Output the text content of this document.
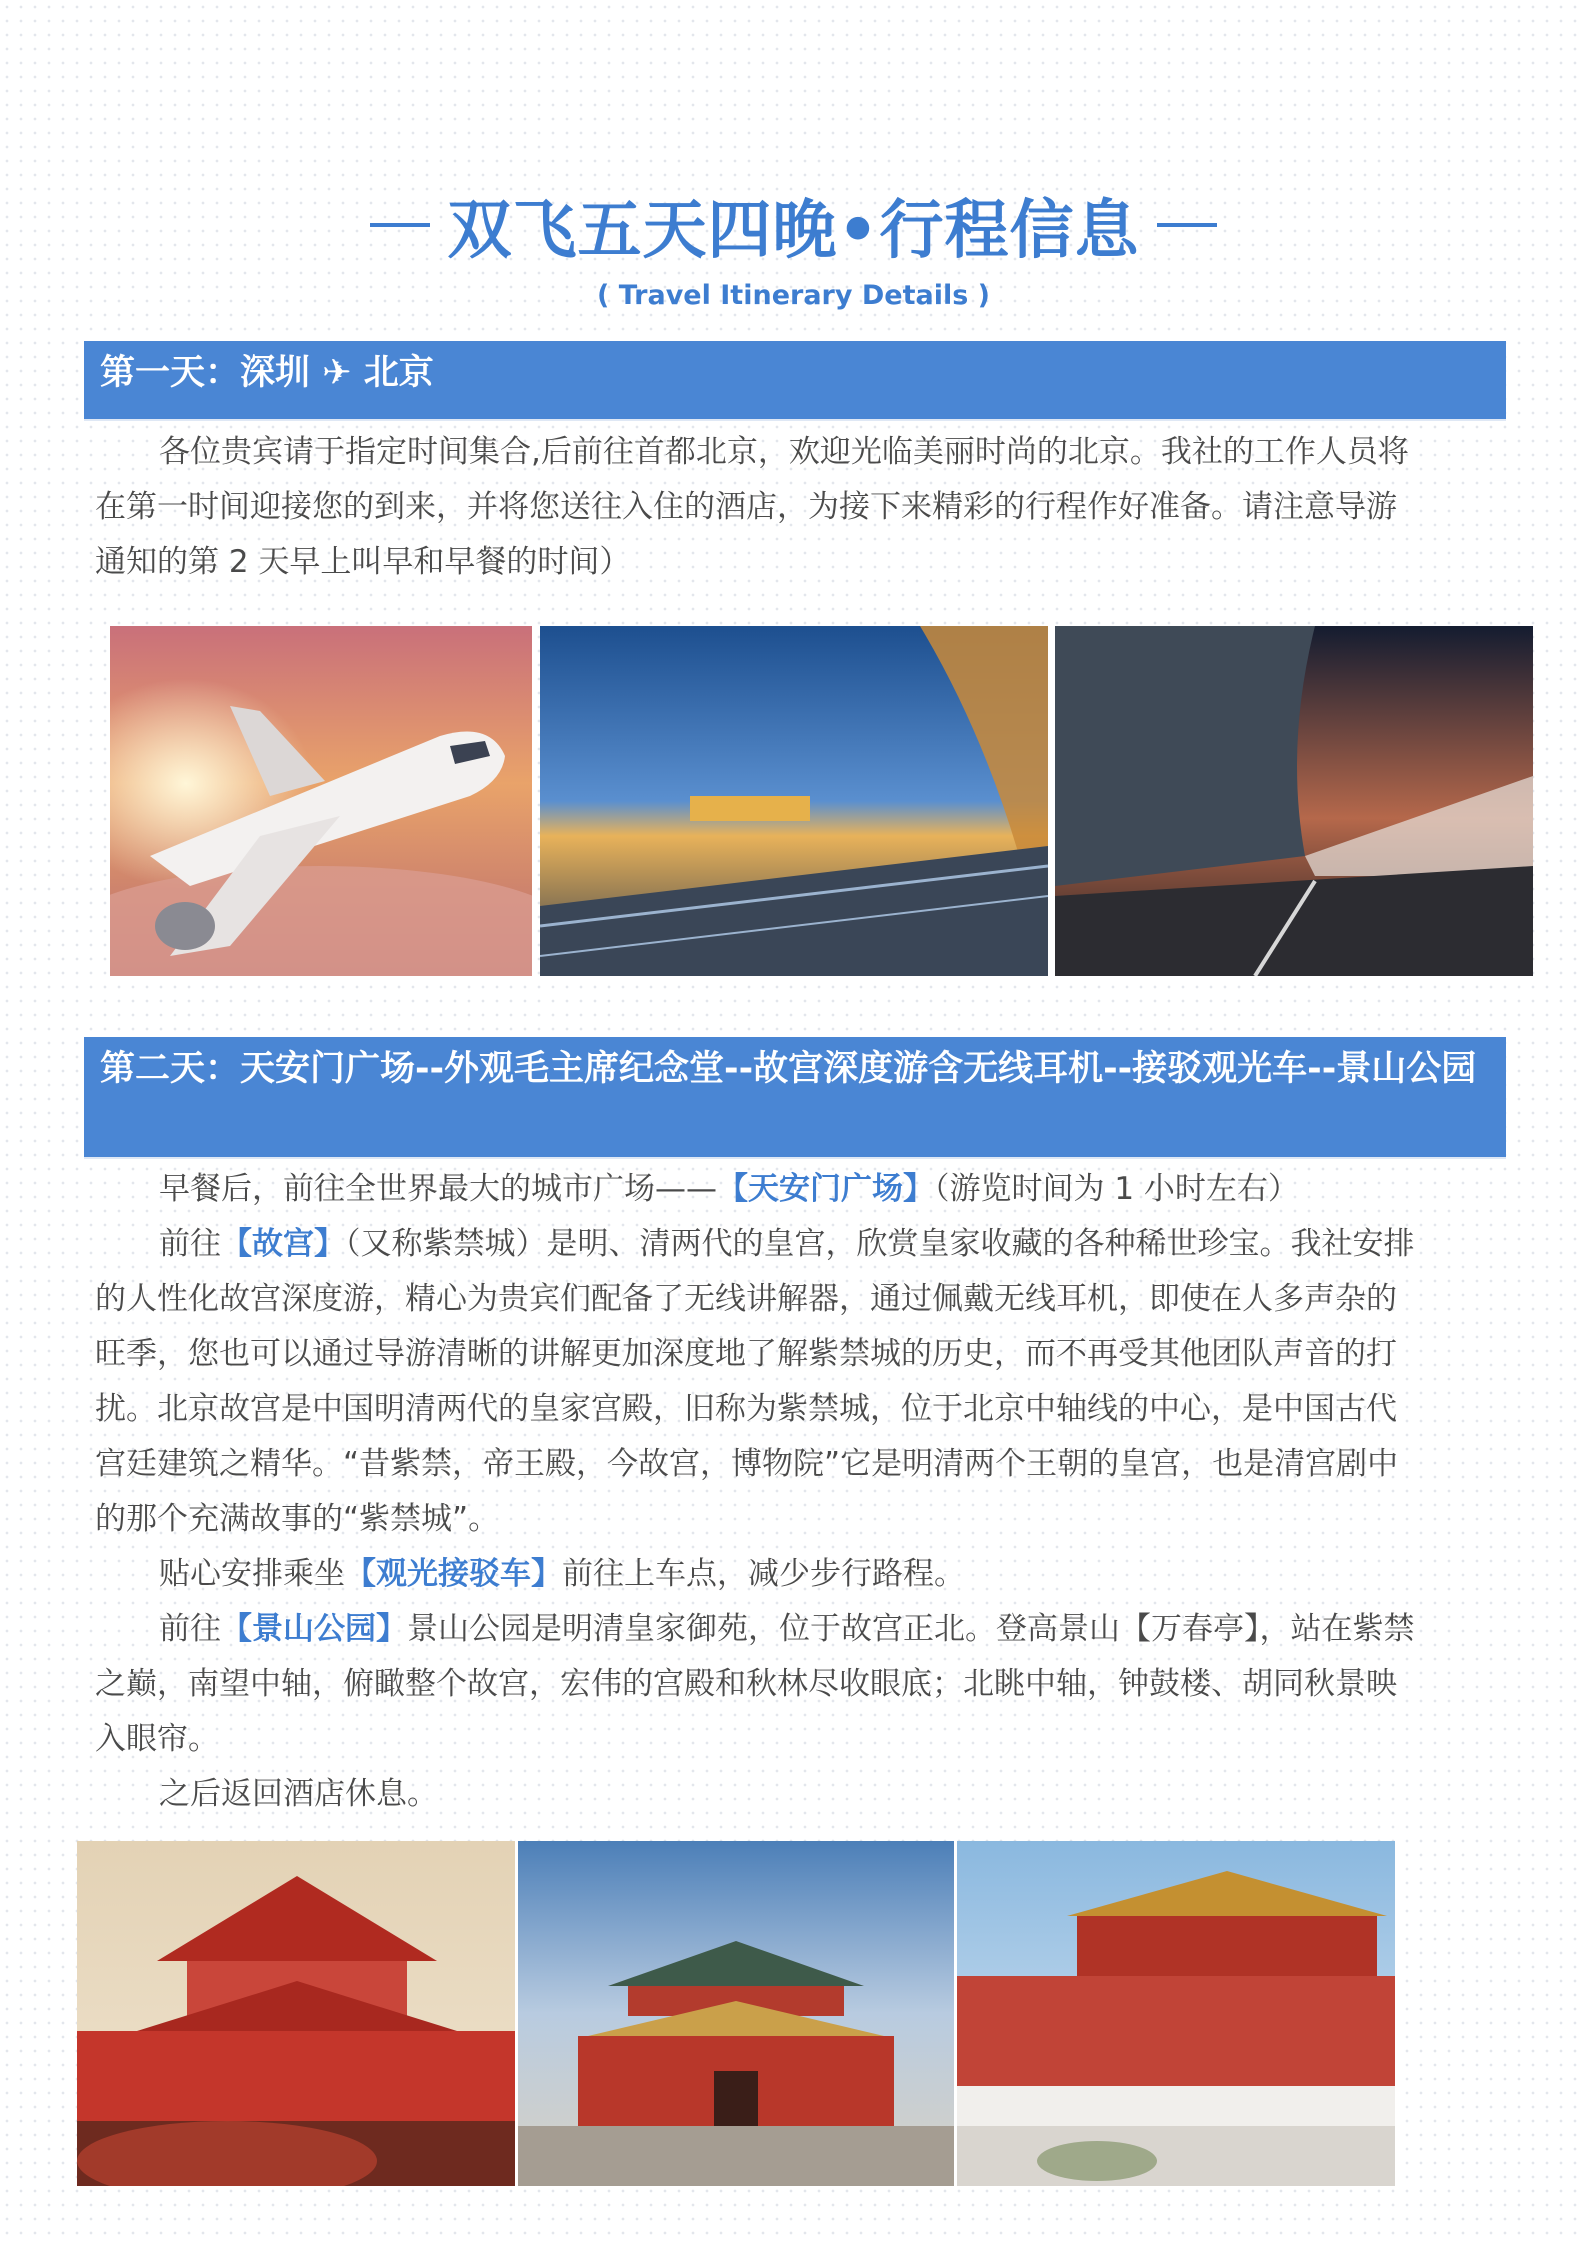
双飞五天四晚•行程信息
( Travel Itinerary Details )
第一天：深圳 ✈ 北京

各位贵宾请于指定时间集合,后前往首都北京，欢迎光临美丽时尚的北京。我社的工作人员将在第一时间迎接您的到来，并将您送往入住的酒店，为接下来精彩的行程作好准备。请注意导游通知的第 2 天早上叫早和早餐的时间）

第二天：天安门广场--外观毛主席纪念堂--故宫深度游含无线耳机--接驳观光车--景山公园

早餐后，前往全世界最大的城市广场——【天安门广场】（游览时间为 1 小时左右）

前往【故宫】（又称紫禁城）是明、清两代的皇宫，欣赏皇家收藏的各种稀世珍宝。我社安排的人性化故宫深度游，精心为贵宾们配备了无线讲解器，通过佩戴无线耳机，即使在人多声杂的旺季，您也可以通过导游清晰的讲解更加深度地了解紫禁城的历史，而不再受其他团队声音的打扰。北京故宫是中国明清两代的皇家宫殿，旧称为紫禁城，位于北京中轴线的中心，是中国古代宫廷建筑之精华。“昔紫禁，帝王殿，今故宫，博物院”它是明清两个王朝的皇宫，也是清宫剧中的那个充满故事的“紫禁城”。

贴心安排乘坐【观光接驳车】前往上车点，减少步行路程。

前往【景山公园】景山公园是明清皇家御苑，位于故宫正北。登高景山【万春亭】，站在紫禁之巅，南望中轴，俯瞰整个故宫，宏伟的宫殿和秋林尽收眼底；北眺中轴，钟鼓楼、胡同秋景映入眼帘。

之后返回酒店休息。
